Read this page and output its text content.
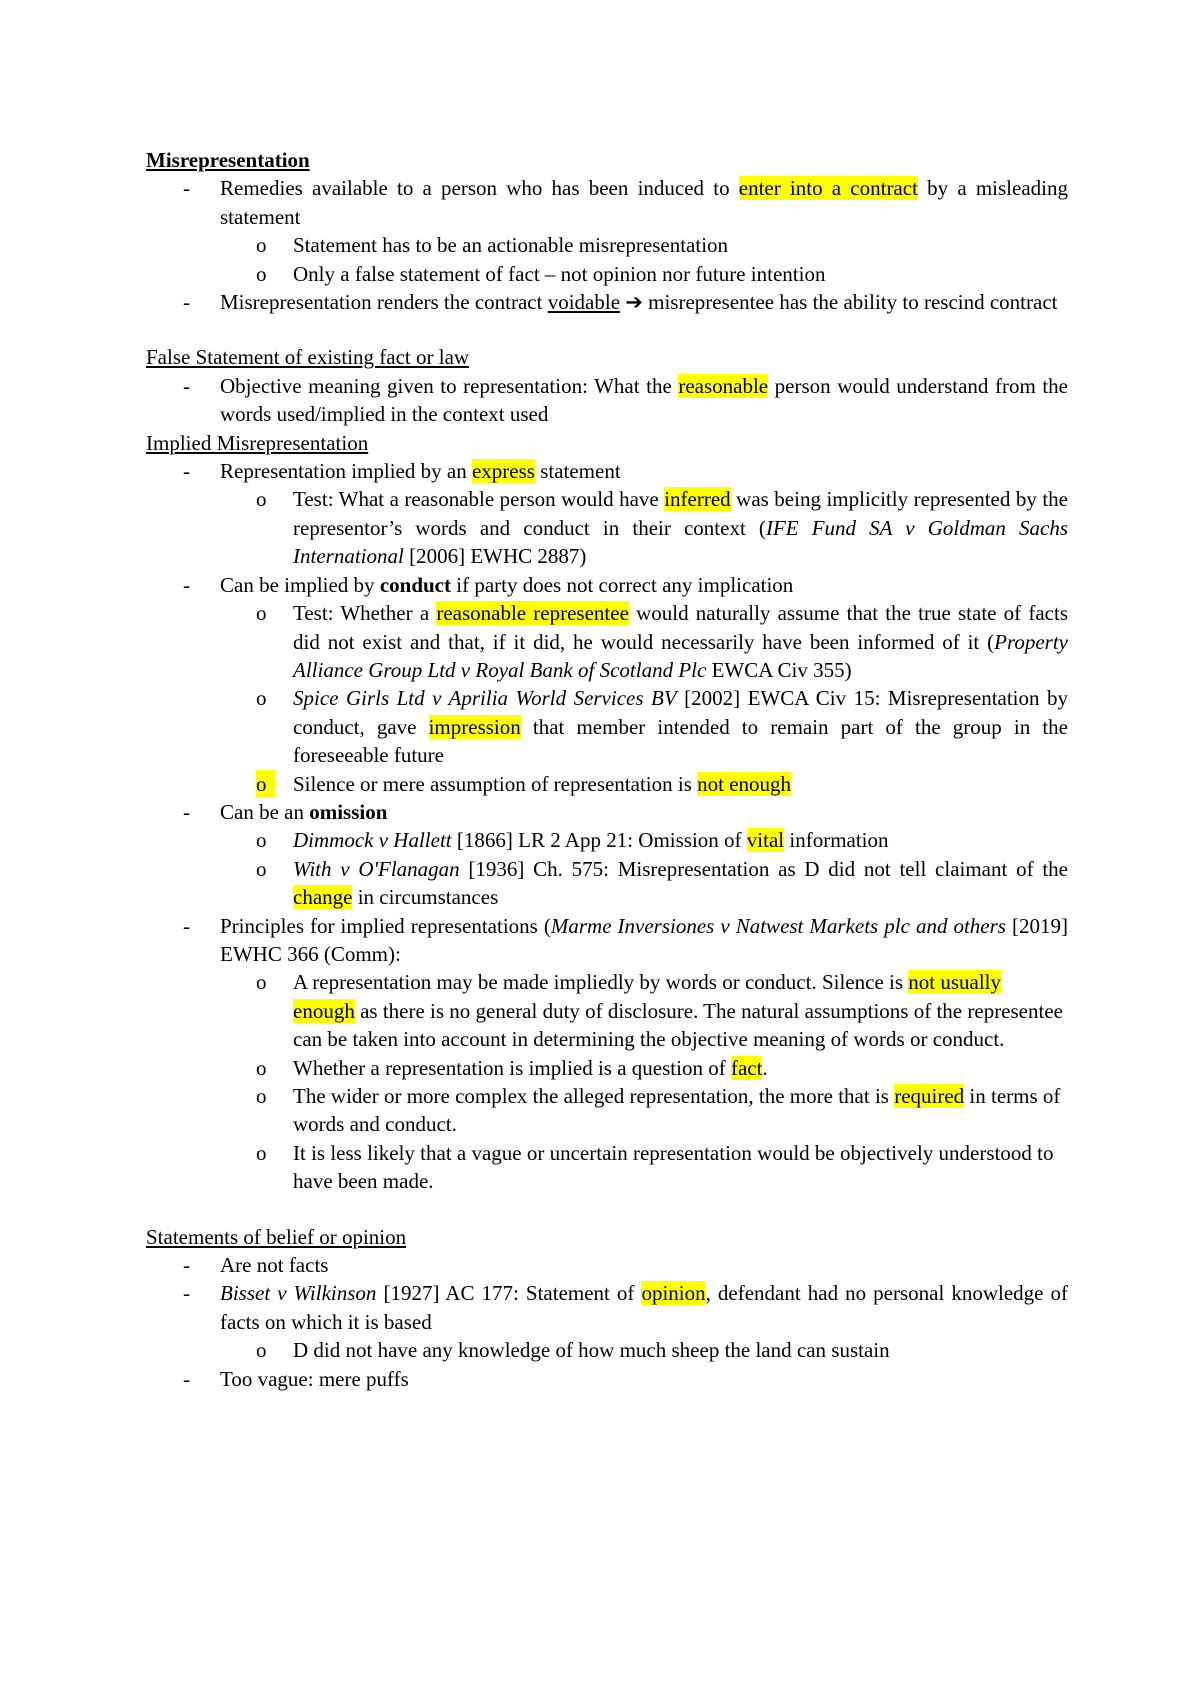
Misrepresentation

-	Remedies available to a person who has been induced to enter into a contract by a misleading statement
o	Statement has to be an actionable misrepresentation
o	Only a false statement of fact – not opinion nor future intention
-	Misrepresentation renders the contract voidable ➔ misrepresentee has the ability to rescind contract

False Statement of existing fact or law

-	Objective meaning given to representation: What the reasonable person would understand from the words used/implied in the context used

Implied Misrepresentation

-	Representation implied by an express statement
o	Test: What a reasonable person would have inferred was being implicitly represented by the representor’s words and conduct in their context (IFE Fund SA v Goldman Sachs International [2006] EWHC 2887)
-	Can be implied by conduct if party does not correct any implication
o	Test: Whether a reasonable representee would naturally assume that the true state of facts did not exist and that, if it did, he would necessarily have been informed of it (Property Alliance Group Ltd v Royal Bank of Scotland Plc EWCA Civ 355)
o	Spice Girls Ltd v Aprilia World Services BV [2002] EWCA Civ 15: Misrepresentation by conduct, gave impression that member intended to remain part of the group in the foreseeable future
o	Silence or mere assumption of representation is not enough
-	Can be an omission
o	Dimmock v Hallett [1866] LR 2 App 21: Omission of vital information
o	With v O'Flanagan [1936] Ch. 575: Misrepresentation as D did not tell claimant of the change in circumstances
-	Principles for implied representations (Marme Inversiones v Natwest Markets plc and others [2019] EWHC 366 (Comm):
o	A representation may be made impliedly by words or conduct. Silence is not usually enough as there is no general duty of disclosure. The natural assumptions of the representee can be taken into account in determining the objective meaning of words or conduct.
o	Whether a representation is implied is a question of fact.
o	The wider or more complex the alleged representation, the more that is required in terms of words and conduct.
o	It is less likely that a vague or uncertain representation would be objectively understood to have been made.

Statements of belief or opinion

-	Are not facts
-	Bisset v Wilkinson [1927] AC 177: Statement of opinion, defendant had no personal knowledge of facts on which it is based
o	D did not have any knowledge of how much sheep the land can sustain
-	Too vague: mere puffs
